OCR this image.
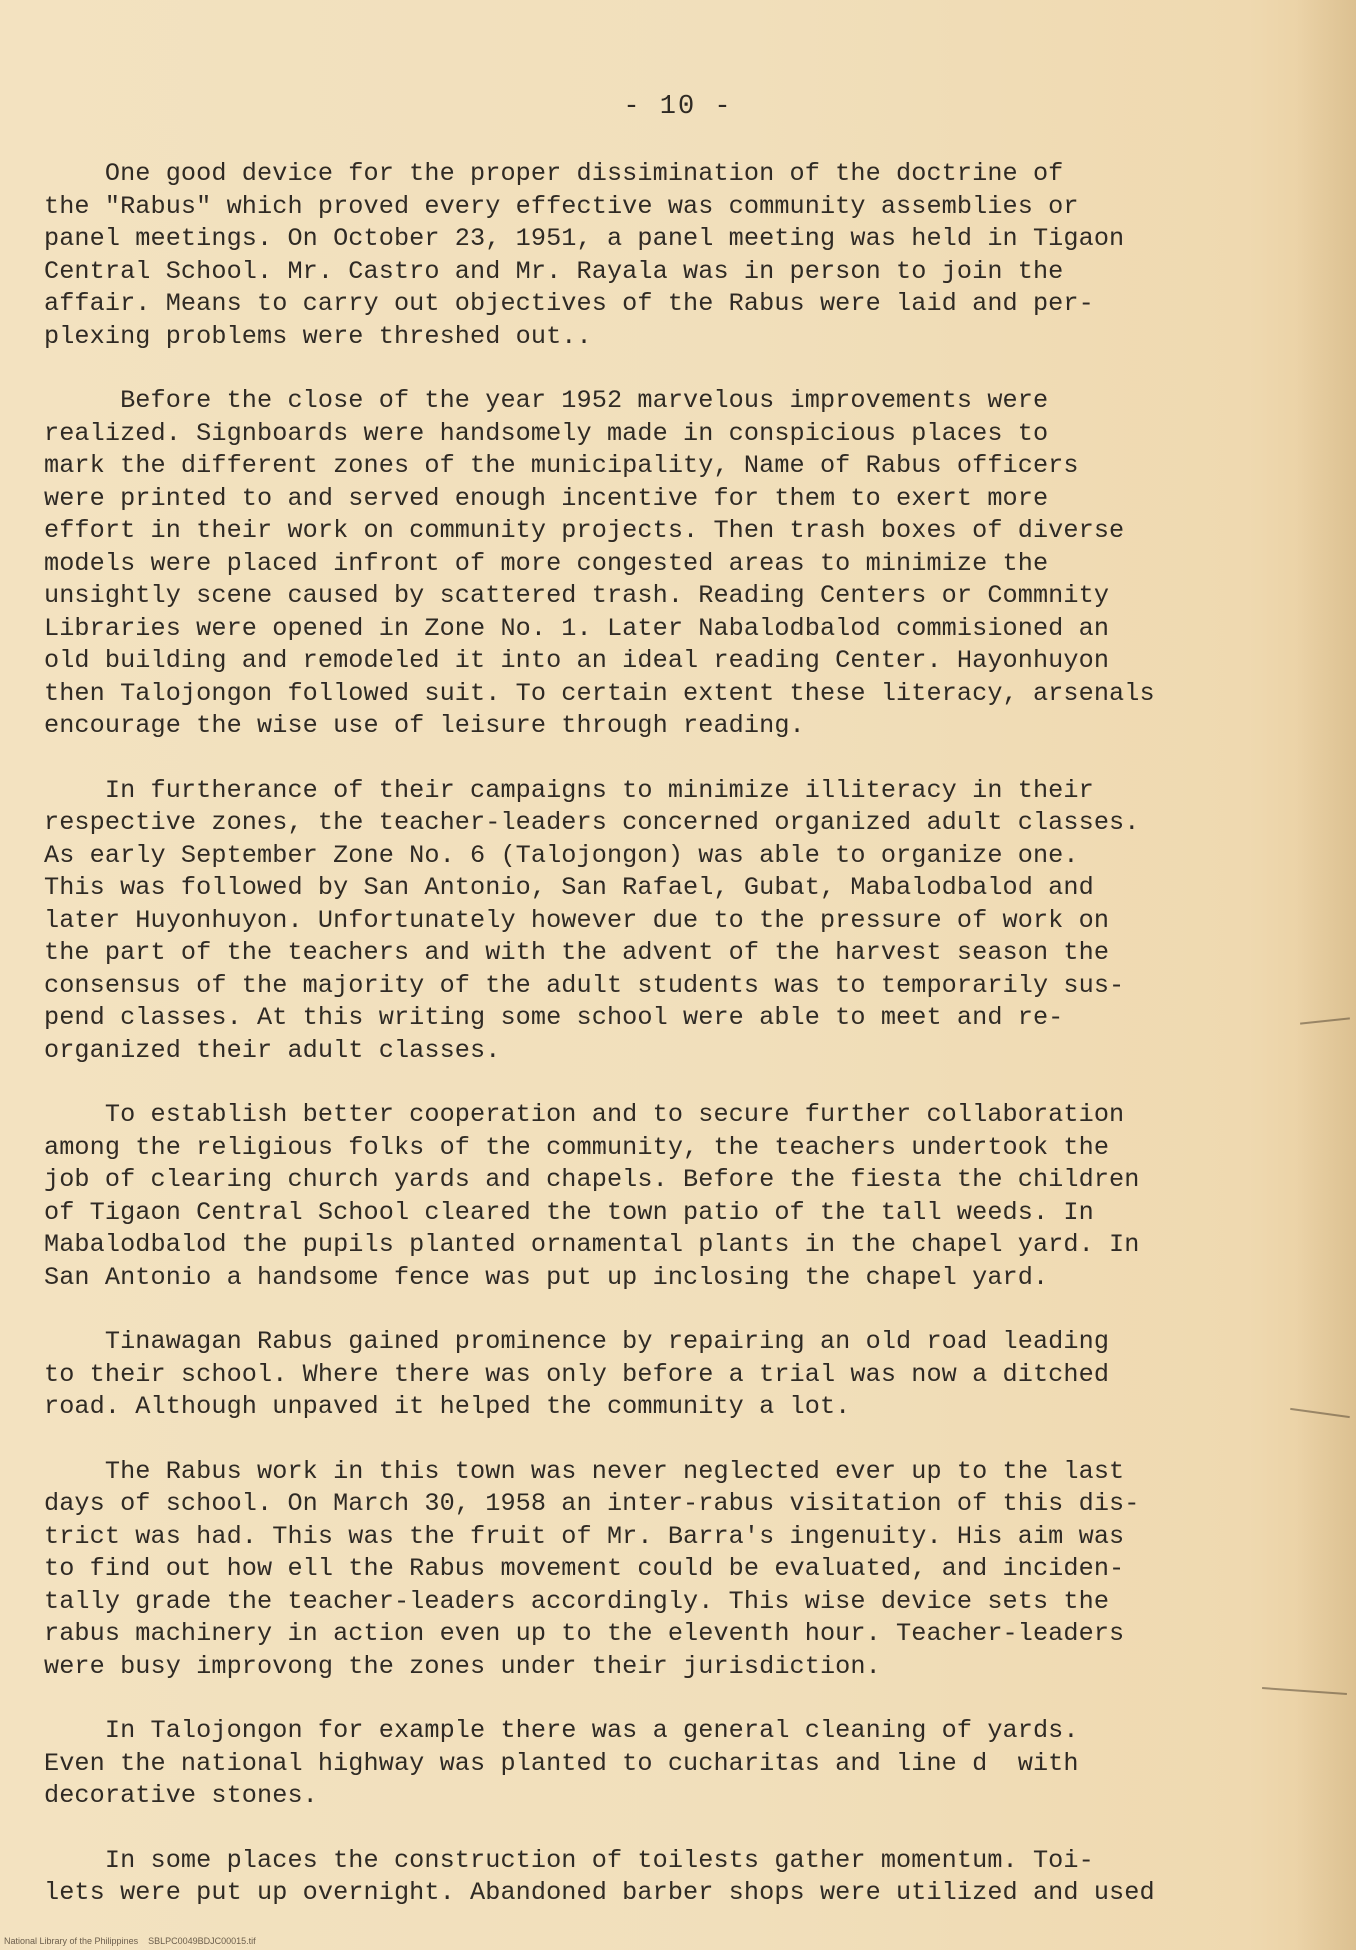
- 10 -
One good device for the proper dissimination of the doctrine of
the "Rabus" which proved every effective was community assemblies or
panel meetings. On October 23, 1951, a panel meeting was held in Tigaon
Central School. Mr. Castro and Mr. Rayala was in person to join the
affair. Means to carry out objectives of the Rabus were laid and per-
plexing problems were threshed out..
Before the close of the year 1952 marvelous improvements were
realized. Signboards were handsomely made in conspicious places to
mark the different zones of the municipality, Name of Rabus officers
were printed to and served enough incentive for them to exert more
effort in their work on community projects. Then trash boxes of diverse
models were placed infront of more congested areas to minimize the
unsightly scene caused by scattered trash. Reading Centers or Commnity
Libraries were opened in Zone No. 1. Later Nabalodbalod commisioned an
old building and remodeled it into an ideal reading Center. Hayonhuyon
then Talojongon followed suit. To certain extent these literacy, arsenals
encourage the wise use of leisure through reading.
In furtherance of their campaigns to minimize illiteracy in their
respective zones, the teacher-leaders concerned organized adult classes.
As early September Zone No. 6 (Talojongon) was able to organize one.
This was followed by San Antonio, San Rafael, Gubat, Mabalodbalod and
later Huyonhuyon. Unfortunately however due to the pressure of work on
the part of the teachers and with the advent of the harvest season the
consensus of the majority of the adult students was to temporarily sus-
pend classes. At this writing some school were able to meet and re-
organized their adult classes.
To establish better cooperation and to secure further collaboration
among the religious folks of the community, the teachers undertook the
job of clearing church yards and chapels. Before the fiesta the children
of Tigaon Central School cleared the town patio of the tall weeds. In
Mabalodbalod the pupils planted ornamental plants in the chapel yard. In
San Antonio a handsome fence was put up inclosing the chapel yard.
Tinawagan Rabus gained prominence by repairing an old road leading
to their school. Where there was only before a trial was now a ditched
road. Although unpaved it helped the community a lot.
The Rabus work in this town was never neglected ever up to the last
days of school. On March 30, 1958 an inter-rabus visitation of this dis-
trict was had. This was the fruit of Mr. Barra's ingenuity. His aim was
to find out how ell the Rabus movement could be evaluated, and inciden-
tally grade the teacher-leaders accordingly. This wise device sets the
rabus machinery in action even up to the eleventh hour. Teacher-leaders
were busy improvong the zones under their jurisdiction.
In Talojongon for example there was a general cleaning of yards.
Even the national highway was planted to cucharitas and line d  with
decorative stones.
In some places the construction of toilests gather momentum. Toi-
lets were put up overnight. Abandoned barber shops were utilized and used
National Library of the Philippines    SBLPC0049BDJC00015.tif
